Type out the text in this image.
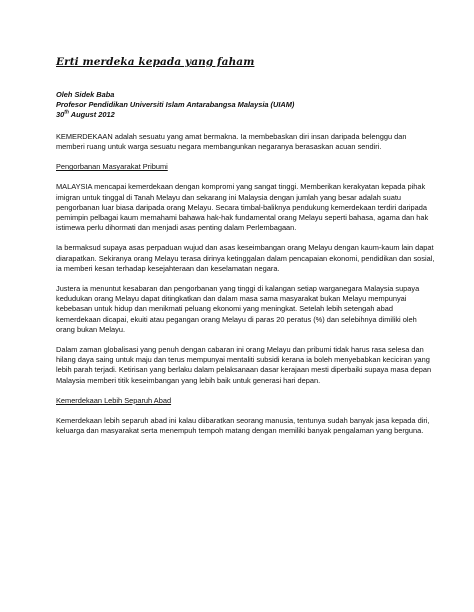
Erti merdeka kepada yang faham
Oleh Sidek Baba
Profesor Pendidikan Universiti Islam Antarabangsa Malaysia (UIAM)
30th August 2012

KEMERDEKAAN adalah sesuatu yang amat bermakna. Ia membebaskan diri insan daripada belenggu dan memberi ruang untuk warga sesuatu negara membangunkan negaranya berasaskan acuan sendiri.

Pengorbanan Masyarakat Pribumi

MALAYSIA mencapai kemerdekaan dengan kompromi yang sangat tinggi. Memberikan kerakyatan kepada pihak imigran untuk tinggal di Tanah Melayu dan sekarang ini Malaysia dengan jumlah yang besar adalah suatu pengorbanan luar biasa daripada orang Melayu. Secara timbal-baliknya pendukung kemerdekaan terdiri daripada pemimpin pelbagai kaum memahami bahawa hak-hak fundamental orang Melayu seperti bahasa, agama dan hak istimewa perlu dihormati dan menjadi asas penting dalam Perlembagaan.

Ia bermaksud supaya asas perpaduan wujud dan asas keseimbangan orang Melayu dengan kaum-kaum lain dapat diarapatkan. Sekiranya orang Melayu terasa dirinya ketinggalan dalam pencapaian ekonomi, pendidikan dan sosial, ia memberi kesan terhadap kesejahteraan dan keselamatan negara.

Justera ia menuntut kesabaran dan pengorbanan yang tinggi di kalangan setiap warganegara Malaysia supaya kedudukan orang Melayu dapat ditingkatkan dan dalam masa sama masyarakat bukan Melayu mempunyai kebebasan untuk hidup dan menikmati peluang ekonomi yang meningkat. Setelah lebih setengah abad kemerdekaan dicapai, ekuiti atau pegangan orang Melayu di paras 20 peratus (%) dan selebihnya dimiliki oleh orang bukan Melayu.

Dalam zaman globalisasi yang penuh dengan cabaran ini orang Melayu dan pribumi tidak harus rasa selesa dan hilang daya saing untuk maju dan terus mempunyai mentaliti subsidi kerana ia boleh menyebabkan keciciran yang lebih parah terjadi. Ketirisan yang berlaku dalam pelaksanaan dasar kerajaan mesti diperbaiki supaya masa depan Malaysia memberi titik keseimbangan yang lebih baik untuk generasi hari depan.

Kemerdekaan Lebih Separuh Abad

Kemerdekaan lebih separuh abad ini kalau diibaratkan seorang manusia, tentunya sudah banyak jasa kepada diri, keluarga dan masyarakat serta menempuh tempoh matang dengan memiliki banyak pengalaman yang berguna.
